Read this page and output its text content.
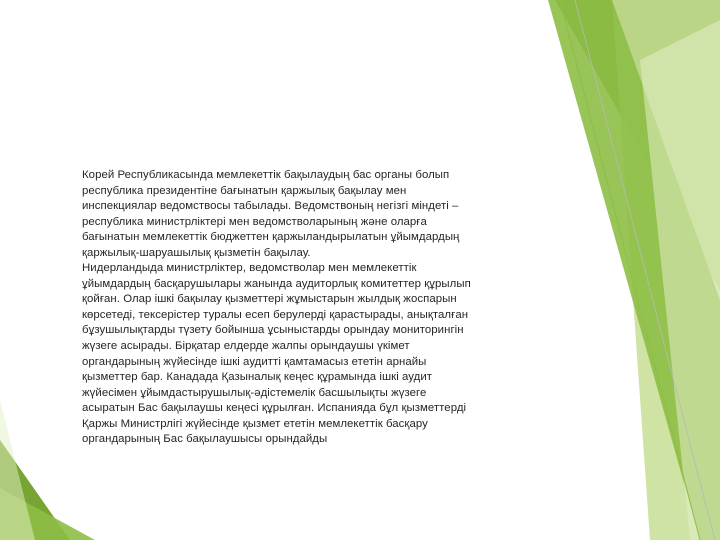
Корей Республикасында мемлекеттік бақылаудың бас органы болып
республика президентіне бағынатын қаржылық бақылау мен
инспекциялар ведомствосы табылады. Ведомствоның негізгі міндеті –
республика министрліктері мен ведомстволарының және оларға
бағынатын мемлекеттік бюджеттен қаржыландырылатын ұйымдардың
қаржылық-шаруашылық қызметін бақылау.
Нидерландыда министрліктер, ведомстволар мен мемлекеттік
ұйымдардың басқарушылары жанында аудиторлық комитеттер құрылып
қойған. Олар ішкі бақылау қызметтері жұмыстарын жылдық жоспарын
көрсетеді, тексерістер туралы есеп берулерді қарастырады, анықталған
бұзушылықтарды түзету бойынша ұсыныстарды орындау мониторингін
жүзеге асырады. Бірқатар елдерде жалпы орындаушы үкімет
органдарының жүйесінде ішкі аудитті қамтамасыз ететін арнайы
қызметтер бар. Канадада Қазыналық кеңес құрамында ішкі аудит
жүйесімен ұйымдастырушылық-әдістемелік басшылықты жүзеге
асыратын Бас бақылаушы кеңесі құрылған. Испанияда бұл қызметтерді
Қаржы Министрлігі жүйесінде қызмет ететін мемлекеттік басқару
органдарының Бас бақылаушысы орындайды
